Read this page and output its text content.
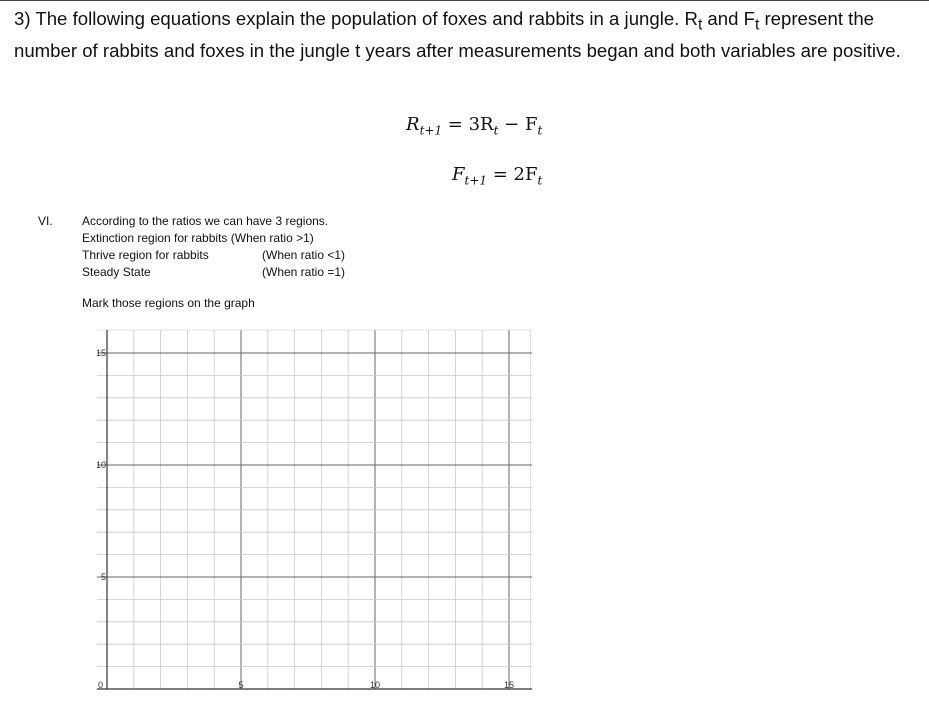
3) The following equations explain the population of foxes and rabbits in a jungle. $R_t$ and $F_t$ represent the number of rabbits and foxes in the jungle t years after measurements began and both variables are positive.
$R_{t+1} = 3R_t - F_t$
$F_{t+1} = 2F_t$
VI. According to the ratios we can have 3 regions.
Extinction region for rabbits (When ratio >1)
Thrive region for rabbits	(When ratio <1)
Steady State	(When ratio =1)
Mark those regions on the graph
0	5	10	15
15
10
5
